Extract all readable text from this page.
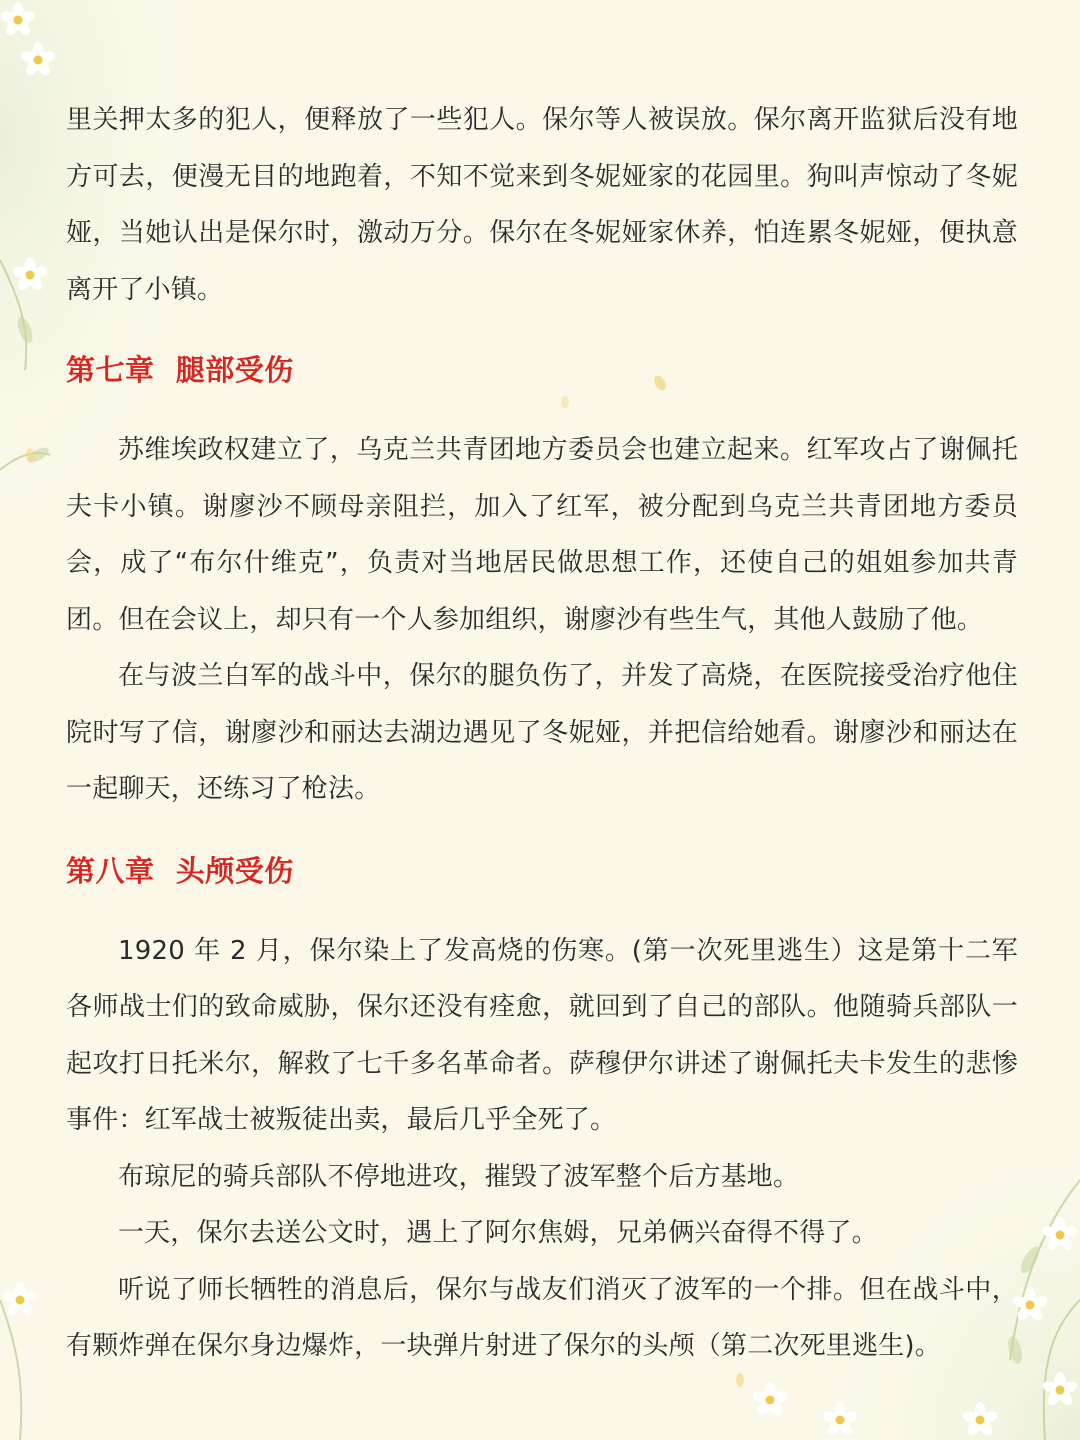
里关押太多的犯人，便释放了一些犯人。保尔等人被误放。保尔离开监狱后没有地方可去，便漫无目的地跑着，不知不觉来到冬妮娅家的花园里。狗叫声惊动了冬妮娅，当她认出是保尔时，激动万分。保尔在冬妮娅家休养，怕连累冬妮娅，便执意离开了小镇。

第七章  腿部受伤

苏维埃政权建立了，乌克兰共青团地方委员会也建立起来。红军攻占了谢佩托夫卡小镇。谢廖沙不顾母亲阻拦，加入了红军，被分配到乌克兰共青团地方委员会，成了“布尔什维克”，负责对当地居民做思想工作，还使自己的姐姐参加共青团。但在会议上，却只有一个人参加组织，谢廖沙有些生气，其他人鼓励了他。

在与波兰白军的战斗中，保尔的腿负伤了，并发了高烧，在医院接受治疗他住院时写了信，谢廖沙和丽达去湖边遇见了冬妮娅，并把信给她看。谢廖沙和丽达在一起聊天，还练习了枪法。

第八章  头颅受伤

1920 年 2 月，保尔染上了发高烧的伤寒。(第一次死里逃生）这是第十二军各师战士们的致命威胁，保尔还没有痊愈，就回到了自己的部队。他随骑兵部队一起攻打日托米尔，解救了七千多名革命者。萨穆伊尔讲述了谢佩托夫卡发生的悲惨事件：红军战士被叛徒出卖，最后几乎全死了。

布琼尼的骑兵部队不停地进攻，摧毁了波军整个后方基地。

一天，保尔去送公文时，遇上了阿尔焦姆，兄弟俩兴奋得不得了。

听说了师长牺牲的消息后，保尔与战友们消灭了波军的一个排。但在战斗中，有颗炸弹在保尔身边爆炸，一块弹片射进了保尔的头颅（第二次死里逃生)。
